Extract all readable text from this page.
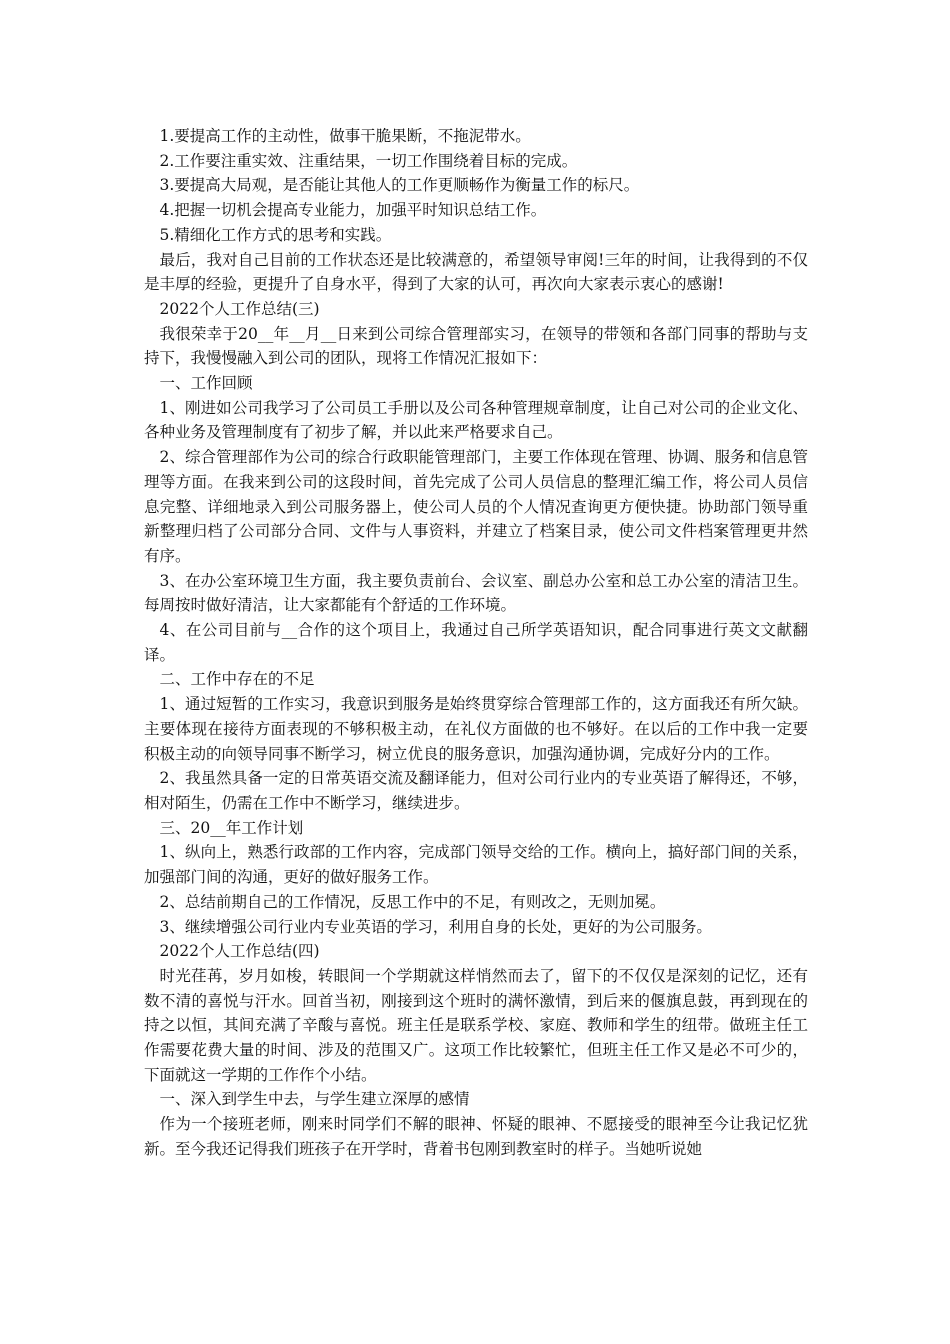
1.要提高工作的主动性，做事干脆果断，不拖泥带水。

2.工作要注重实效、注重结果，一切工作围绕着目标的完成。

3.要提高大局观，是否能让其他人的工作更顺畅作为衡量工作的标尺。

4.把握一切机会提高专业能力，加强平时知识总结工作。

5.精细化工作方式的思考和实践。

最后，我对自己目前的工作状态还是比较满意的，希望领导审阅!三年的时间，让我得到的不仅是丰厚的经验，更提升了自身水平，得到了大家的认可，再次向大家表示衷心的感谢!

2022个人工作总结(三)

我很荣幸于20__年__月__日来到公司综合管理部实习，在领导的带领和各部门同事的帮助与支持下，我慢慢融入到公司的团队，现将工作情况汇报如下：

一、工作回顾

1、刚进如公司我学习了公司员工手册以及公司各种管理规章制度，让自己对公司的企业文化、各种业务及管理制度有了初步了解，并以此来严格要求自己。

2、综合管理部作为公司的综合行政职能管理部门，主要工作体现在管理、协调、服务和信息管理等方面。在我来到公司的这段时间，首先完成了公司人员信息的整理汇编工作，将公司人员信息完整、详细地录入到公司服务器上，使公司人员的个人情况查询更方便快捷。协助部门领导重新整理归档了公司部分合同、文件与人事资料，并建立了档案目录，使公司文件档案管理更井然有序。

3、在办公室环境卫生方面，我主要负责前台、会议室、副总办公室和总工办公室的清洁卫生。每周按时做好清洁，让大家都能有个舒适的工作环境。

4、在公司目前与__合作的这个项目上，我通过自己所学英语知识，配合同事进行英文文献翻译。

二、工作中存在的不足

1、通过短暂的工作实习，我意识到服务是始终贯穿综合管理部工作的，这方面我还有所欠缺。主要体现在接待方面表现的不够积极主动，在礼仪方面做的也不够好。在以后的工作中我一定要积极主动的向领导同事不断学习，树立优良的服务意识，加强沟通协调，完成好分内的工作。

2、我虽然具备一定的日常英语交流及翻译能力，但对公司行业内的专业英语了解得还，不够，相对陌生，仍需在工作中不断学习，继续进步。

三、20__年工作计划

1、纵向上，熟悉行政部的工作内容，完成部门领导交给的工作。横向上，搞好部门间的关系，加强部门间的沟通，更好的做好服务工作。

2、总结前期自己的工作情况，反思工作中的不足，有则改之，无则加冕。

3、继续增强公司行业内专业英语的学习，利用自身的长处，更好的为公司服务。

2022个人工作总结(四)

时光荏苒，岁月如梭，转眼间一个学期就这样悄然而去了，留下的不仅仅是深刻的记忆，还有数不清的喜悦与汗水。回首当初，刚接到这个班时的满怀激情，到后来的偃旗息鼓，再到现在的持之以恒，其间充满了辛酸与喜悦。班主任是联系学校、家庭、教师和学生的纽带。做班主任工作需要花费大量的时间、涉及的范围又广。这项工作比较繁忙，但班主任工作又是必不可少的，下面就这一学期的工作作个小结。

一、深入到学生中去，与学生建立深厚的感情

作为一个接班老师，刚来时同学们不解的眼神、怀疑的眼神、不愿接受的眼神至今让我记忆犹新。至今我还记得我们班孩子在开学时，背着书包刚到教室时的样子。当她听说她
